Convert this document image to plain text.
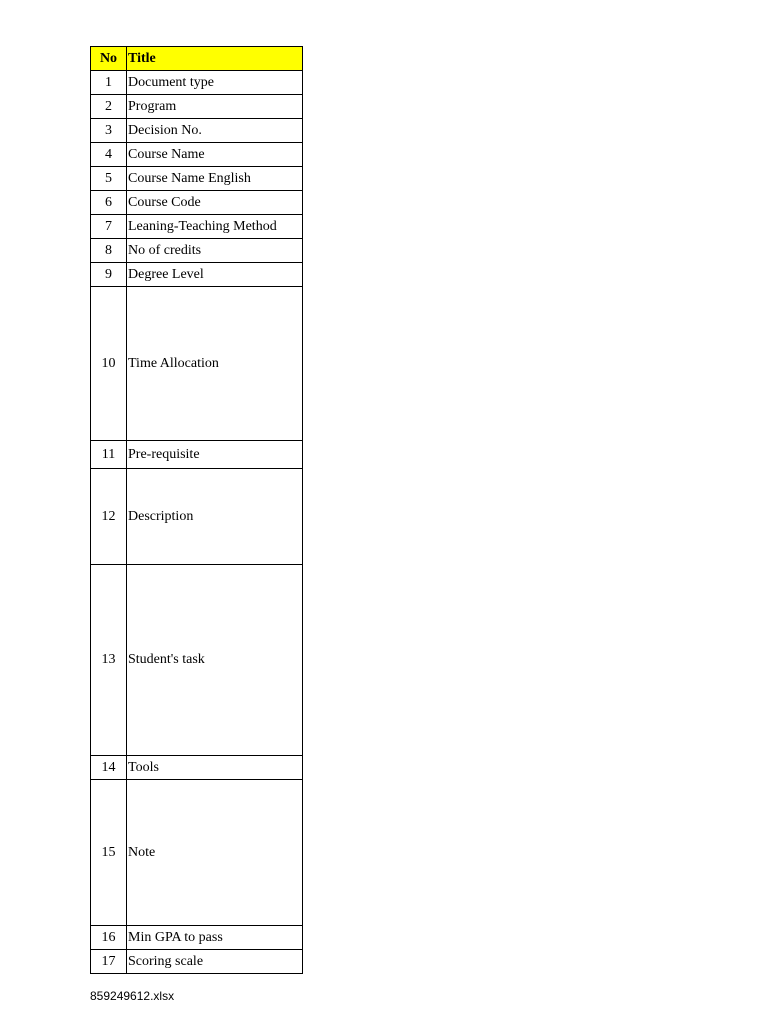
No	Title
1	Document type
2	Program
3	Decision No.
4	Course Name
5	Course Name English
6	Course Code
7	Leaning-Teaching Method
8	No of credits
9	Degree Level
10	Time Allocation
11	Pre-requisite
12	Description
13	Student's task
14	Tools
15	Note
16	Min GPA to pass
17	Scoring scale
859249612.xlsx
